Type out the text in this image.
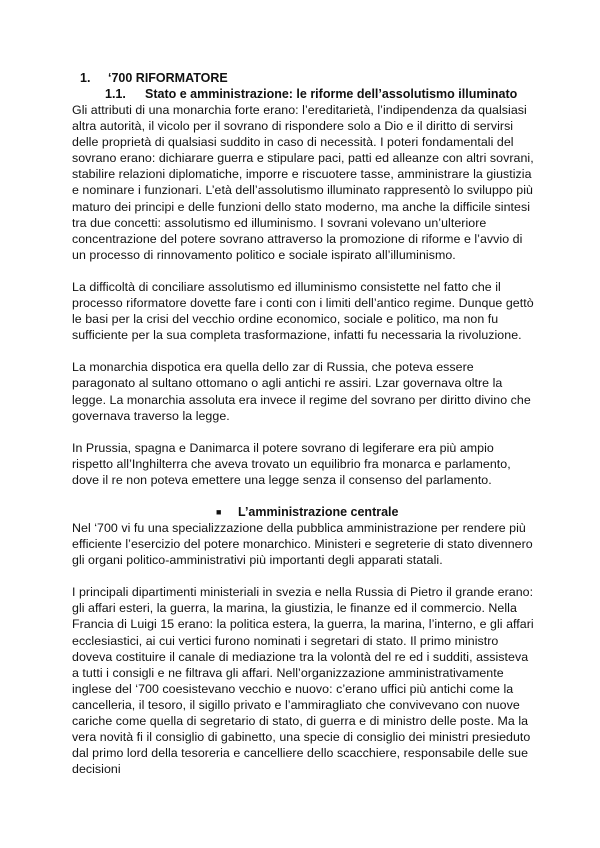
1.	‘700 RIFORMATORE
1.1.	Stato e amministrazione: le riforme dell’assolutismo illuminato

Gli attributi di una monarchia forte erano: l’ereditarietà, l’indipendenza da qualsiasi altra autorità, il vicolo per il sovrano di rispondere solo a Dio e il diritto di servirsi delle proprietà di qualsiasi suddito in caso di necessità. I poteri fondamentali del sovrano erano: dichiarare guerra e stipulare paci, patti ed alleanze con altri sovrani, stabilire relazioni diplomatiche, imporre e riscuotere tasse, amministrare la giustizia e nominare i funzionari. L’età dell’assolutismo illuminato rappresentò lo sviluppo più maturo dei principi e delle funzioni dello stato moderno, ma anche la difficile sintesi tra due concetti: assolutismo ed illuminismo. I sovrani volevano un’ulteriore concentrazione del potere sovrano attraverso la promozione di riforme e l’avvio di un processo di rinnovamento politico e sociale ispirato all’illuminismo.

La difficoltà di conciliare assolutismo ed illuminismo consistette nel fatto che il processo riformatore dovette fare i conti con i limiti dell’antico regime. Dunque gettò le basi per la crisi del vecchio ordine economico, sociale e politico, ma non fu sufficiente per la sua completa trasformazione, infatti fu necessaria la rivoluzione.

La monarchia dispotica era quella dello zar di Russia, che poteva essere paragonato al sultano ottomano o agli antichi re assiri. Lzar governava oltre la legge. La monarchia assoluta era invece il regime del sovrano per diritto divino che governava traverso la legge.

In Prussia, spagna e Danimarca il potere sovrano di legiferare era più ampio rispetto all’Inghilterra che aveva trovato un equilibrio fra monarca e parlamento, dove il re non poteva emettere una legge senza il consenso del parlamento.

■	L’amministrazione centrale

Nel ‘700 vi fu una specializzazione della pubblica amministrazione per rendere più efficiente l’esercizio del potere monarchico. Ministeri e segreterie di stato divennero gli organi politico-amministrativi più importanti degli apparati statali.

I principali dipartimenti ministeriali in svezia e nella Russia di Pietro il grande erano: gli affari esteri, la guerra, la marina, la giustizia, le finanze ed il commercio. Nella Francia di Luigi 15 erano: la politica estera, la guerra, la marina, l’interno, e gli affari ecclesiastici, ai cui vertici furono nominati i segretari di stato. Il primo ministro doveva costituire il canale di mediazione tra la volontà del re ed i sudditi, assisteva a tutti i consigli e ne filtrava gli affari. Nell’organizzazione amministrativamente inglese del ‘700 coesistevano vecchio e nuovo: c’erano uffici più antichi come la cancelleria, il tesoro, il sigillo privato e l’ammiragliato che convivevano con nuove cariche come quella di segretario di stato, di guerra e di ministro delle poste. Ma la vera novità fi il consiglio di gabinetto, una specie di consiglio dei ministri presieduto dal primo lord della tesoreria e cancelliere dello scacchiere, responsabile delle sue decisioni
